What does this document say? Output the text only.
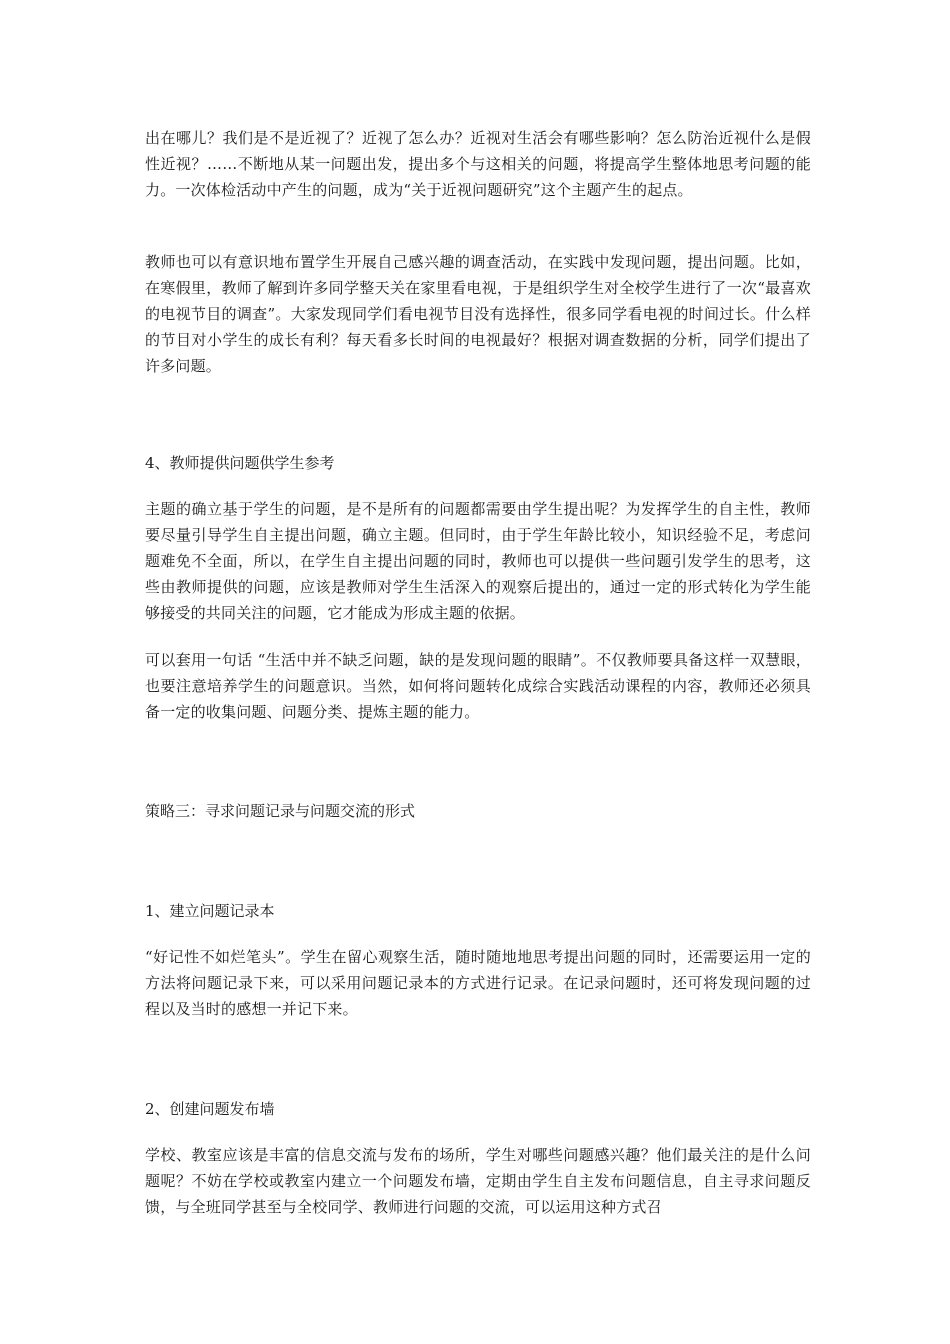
出在哪儿？我们是不是近视了？近视了怎么办？近视对生活会有哪些影响？怎么防治近视什么是假性近视？……不断地从某一问题出发，提出多个与这相关的问题，将提高学生整体地思考问题的能力。一次体检活动中产生的问题，成为“关于近视问题研究”这个主题产生的起点。

教师也可以有意识地布置学生开展自己感兴趣的调查活动，在实践中发现问题，提出问题。比如，在寒假里，教师了解到许多同学整天关在家里看电视，于是组织学生对全校学生进行了一次“最喜欢的电视节目的调查”。大家发现同学们看电视节目没有选择性，很多同学看电视的时间过长。什么样的节目对小学生的成长有利？每天看多长时间的电视最好？根据对调查数据的分析，同学们提出了许多问题。

4、教师提供问题供学生参考

主题的确立基于学生的问题，是不是所有的问题都需要由学生提出呢？为发挥学生的自主性，教师要尽量引导学生自主提出问题，确立主题。但同时，由于学生年龄比较小，知识经验不足，考虑问题难免不全面，所以，在学生自主提出问题的同时，教师也可以提供一些问题引发学生的思考，这些由教师提供的问题，应该是教师对学生生活深入的观察后提出的，通过一定的形式转化为学生能够接受的共同关注的问题，它才能成为形成主题的依据。

可以套用一句话 “生活中并不缺乏问题，缺的是发现问题的眼睛”。不仅教师要具备这样一双慧眼，也要注意培养学生的问题意识。当然，如何将问题转化成综合实践活动课程的内容，教师还必须具备一定的收集问题、问题分类、提炼主题的能力。

策略三：寻求问题记录与问题交流的形式
1、建立问题记录本

“好记性不如烂笔头”。学生在留心观察生活，随时随地地思考提出问题的同时，还需要运用一定的方法将问题记录下来，可以采用问题记录本的方式进行记录。在记录问题时，还可将发现问题的过程以及当时的感想一并记下来。

2、创建问题发布墙

学校、教室应该是丰富的信息交流与发布的场所，学生对哪些问题感兴趣？他们最关注的是什么问题呢？不妨在学校或教室内建立一个问题发布墙，定期由学生自主发布问题信息，自主寻求问题反馈，与全班同学甚至与全校同学、教师进行问题的交流，可以运用这种方式召
